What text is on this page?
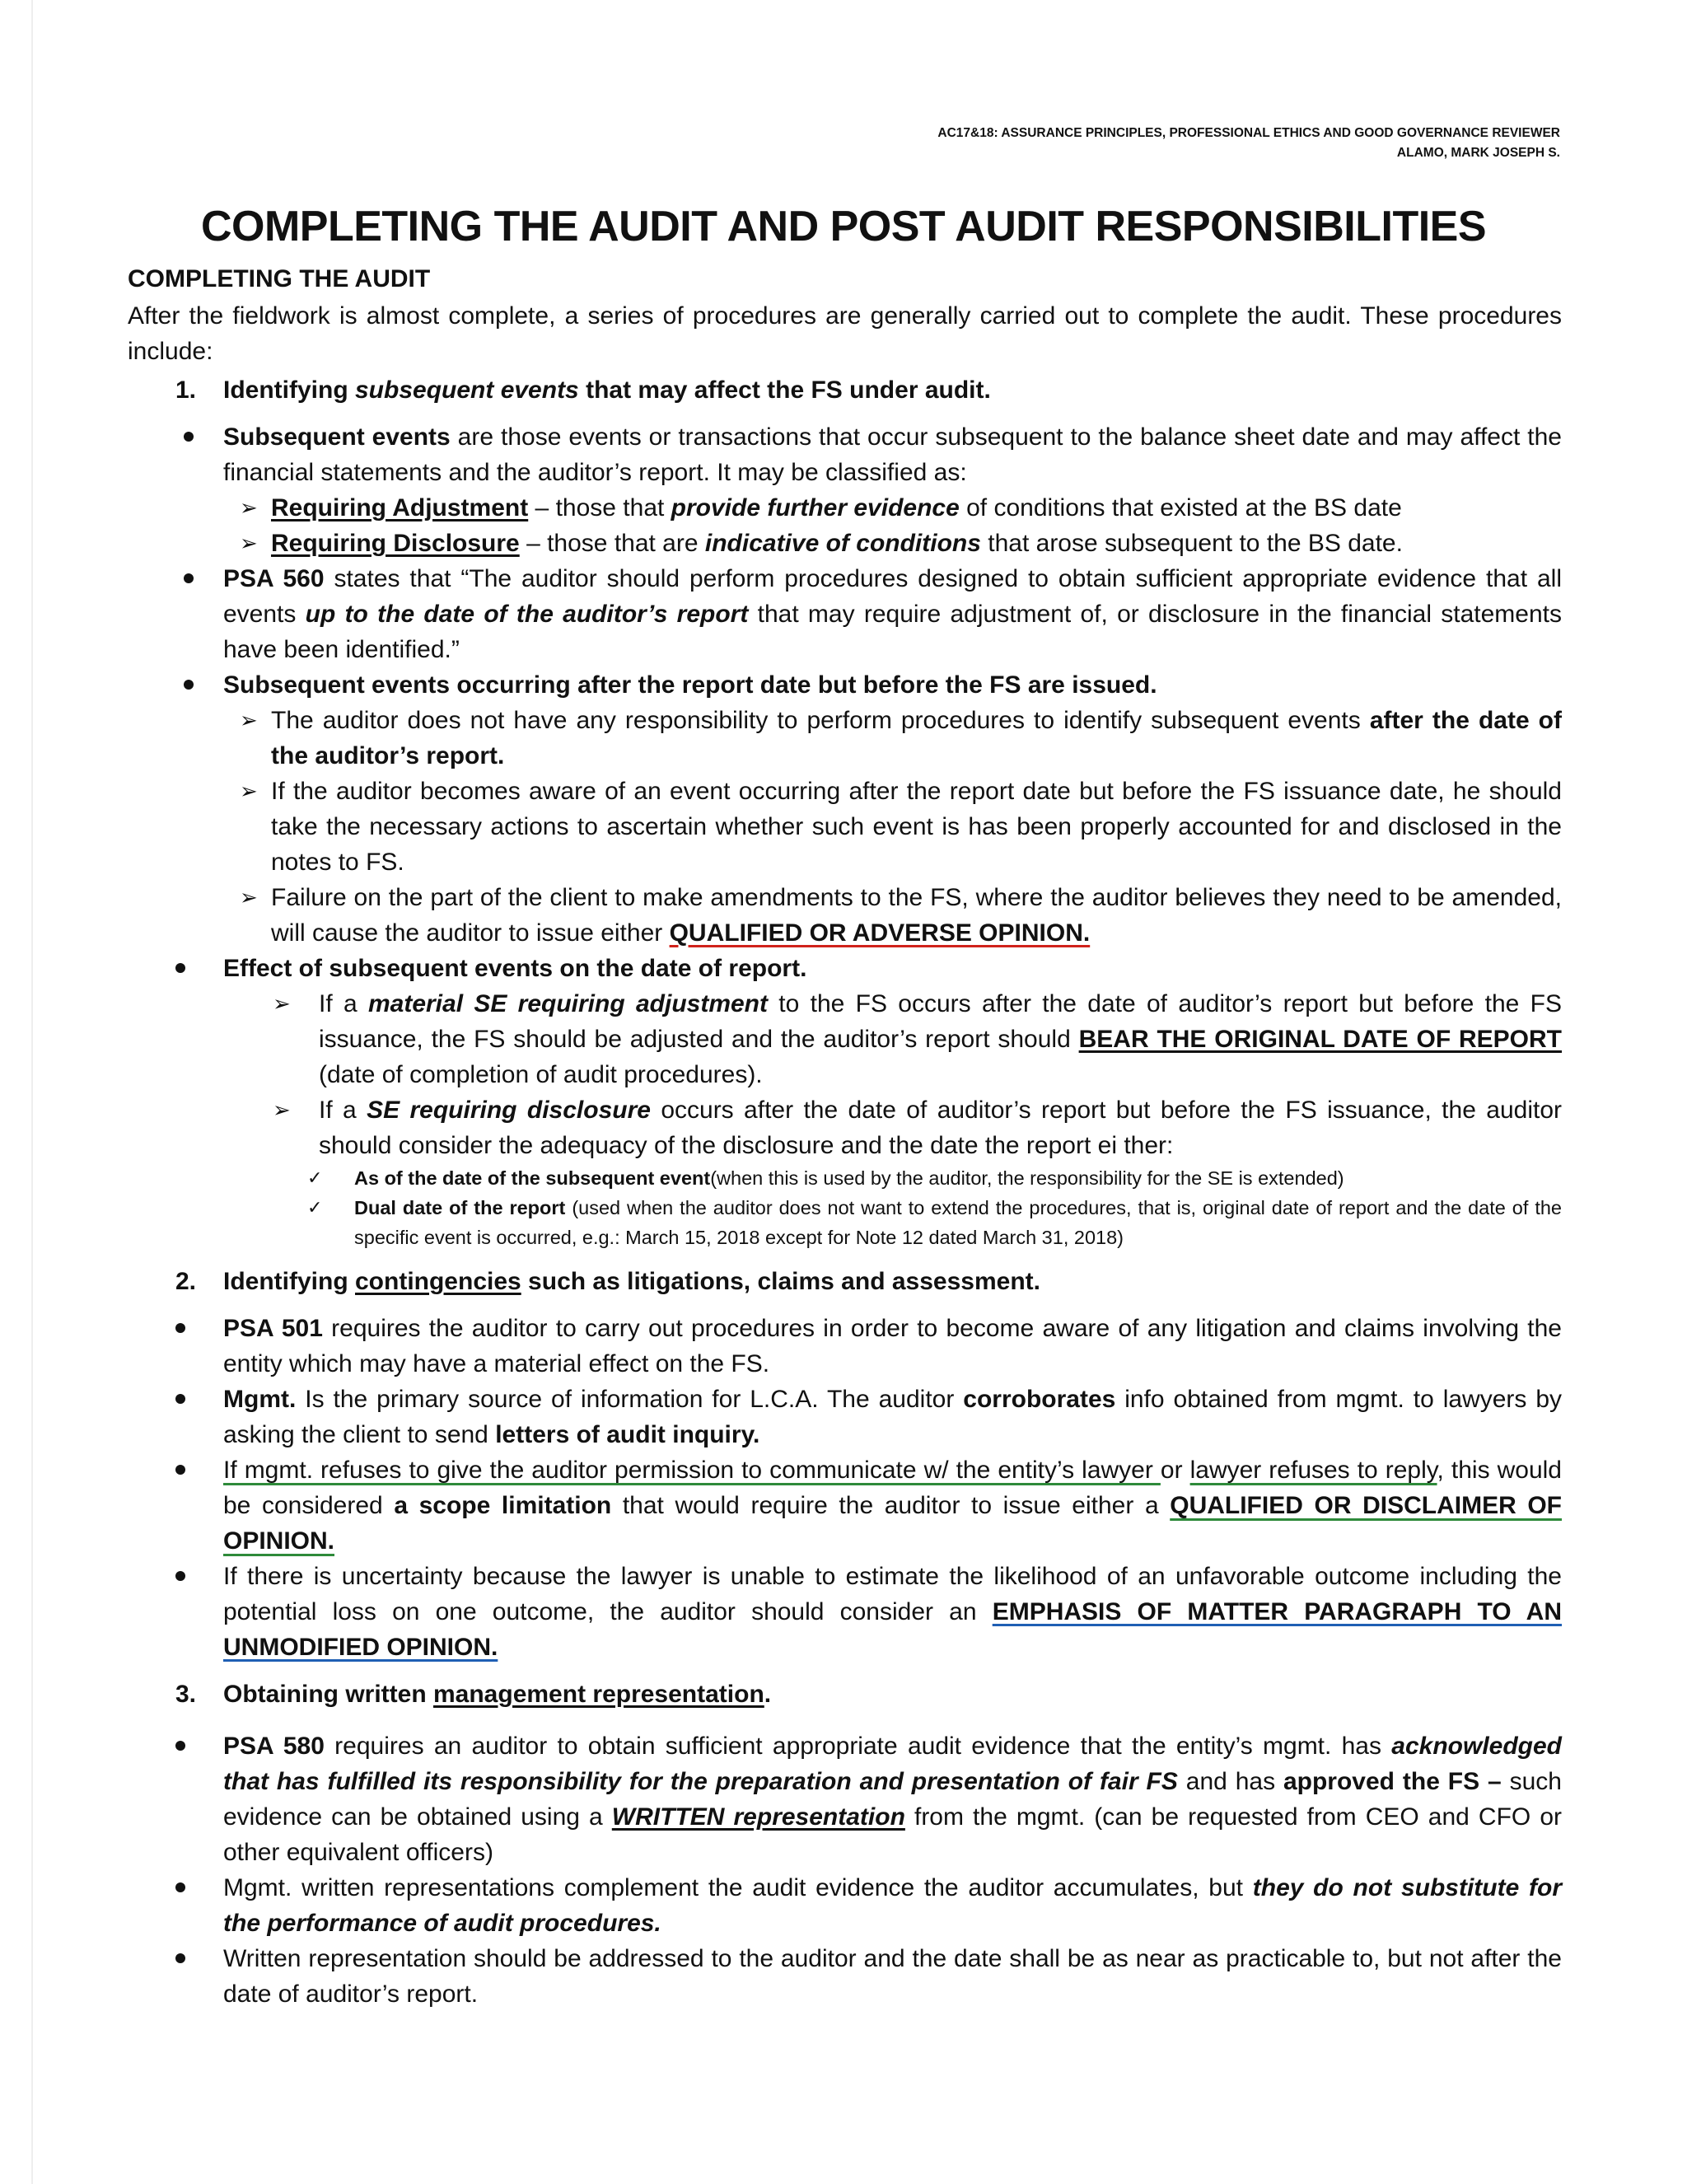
AC17&18: ASSURANCE PRINCIPLES, PROFESSIONAL ETHICS AND GOOD GOVERNANCE REVIEWER
ALAMO, MARK JOSEPH S.
COMPLETING THE AUDIT AND POST AUDIT RESPONSIBILITIES
COMPLETING THE AUDIT

After the fieldwork is almost complete, a series of procedures are generally carried out to complete the audit. These procedures include:

1. Identifying subsequent events that may affect the FS under audit.
Subsequent events are those events or transactions that occur subsequent to the balance sheet date and may affect the financial statements and the auditor’s report. It may be classified as:
➢ Requiring Adjustment – those that provide further evidence of conditions that existed at the BS date
➢ Requiring Disclosure – those that are indicative of conditions that arose subsequent to the BS date.
PSA 560 states that “The auditor should perform procedures designed to obtain sufficient appropriate evidence that all events up to the date of the auditor’s report that may require adjustment of, or disclosure in the financial statements have been identified.”
Subsequent events occurring after the report date but before the FS are issued.
➢ The auditor does not have any responsibility to perform procedures to identify subsequent events after the date of the auditor’s report.
➢ If the auditor becomes aware of an event occurring after the report date but before the FS issuance date, he should take the necessary actions to ascertain whether such event is has been properly accounted for and disclosed in the notes to FS.
➢ Failure on the part of the client to make amendments to the FS, where the auditor believes they need to be amended, will cause the auditor to issue either QUALIFIED OR ADVERSE OPINION.
Effect of subsequent events on the date of report.
➢ If a material SE requiring adjustment to the FS occurs after the date of auditor’s report but before the FS issuance, the FS should be adjusted and the auditor’s report should BEAR THE ORIGINAL DATE OF REPORT (date of completion of audit procedures).
➢ If a SE requiring disclosure occurs after the date of auditor’s report but before the FS issuance, the auditor should consider the adequacy of the disclosure and the date the report ei ther:
✓ As of the date of the subsequent event(when this is used by the auditor, the responsibility for the SE is extended)
✓ Dual date of the report (used when the auditor does not want to extend the procedures, that is, original date of report and the date of the specific event is occurred, e.g.: March 15, 2018 except for Note 12 dated March 31, 2018)
2. Identifying contingencies such as litigations, claims and assessment.
PSA 501 requires the auditor to carry out procedures in order to become aware of any litigation and claims involving the entity which may have a material effect on the FS.
Mgmt. Is the primary source of information for L.C.A. The auditor corroborates info obtained from mgmt. to lawyers by asking the client to send letters of audit inquiry.
If mgmt. refuses to give the auditor permission to communicate w/ the entity’s lawyer or lawyer refuses to reply, this would be considered a scope limitation that would require the auditor to issue either a QUALIFIED OR DISCLAIMER OF OPINION.
If there is uncertainty because the lawyer is unable to estimate the likelihood of an unfavorable outcome including the potential loss on one outcome, the auditor should consider an EMPHASIS OF MATTER PARAGRAPH TO AN UNMODIFIED OPINION.
3. Obtaining written management representation.
PSA 580 requires an auditor to obtain sufficient appropriate audit evidence that the entity’s mgmt. has acknowledged that has fulfilled its responsibility for the preparation and presentation of fair FS and has approved the FS – such evidence can be obtained using a WRITTEN representation from the mgmt. (can be requested from CEO and CFO or other equivalent officers)
Mgmt. written representations complement the audit evidence the auditor accumulates, but they do not substitute for the performance of audit procedures.
Written representation should be addressed to the auditor and the date shall be as near as practicable to, but not after the date of auditor’s report.
